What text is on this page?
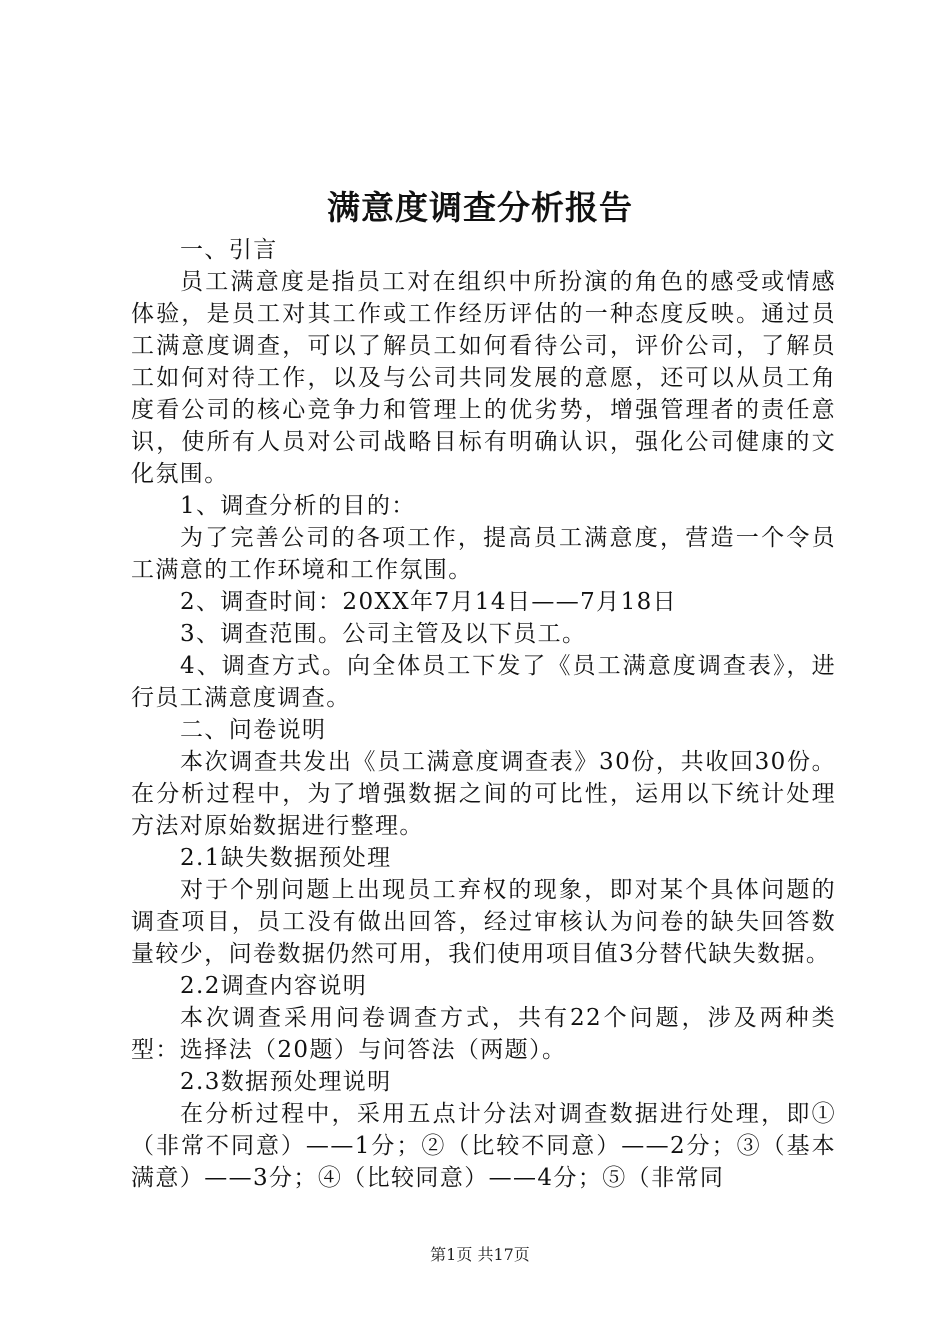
满意度调查分析报告

一、引言

员工满意度是指员工对在组织中所扮演的角色的感受或情感体验，是员工对其工作或工作经历评估的一种态度反映。通过员工满意度调查，可以了解员工如何看待公司，评价公司，了解员工如何对待工作，以及与公司共同发展的意愿，还可以从员工角度看公司的核心竞争力和管理上的优劣势，增强管理者的责任意识，使所有人员对公司战略目标有明确认识，强化公司健康的文化氛围。

1、调查分析的目的：

为了完善公司的各项工作，提高员工满意度，营造一个令员工满意的工作环境和工作氛围。

2、调查时间：20XX年7月14日——7月18日

3、调查范围。公司主管及以下员工。

4、调查方式。向全体员工下发了《员工满意度调查表》，进行员工满意度调查。

二、问卷说明

本次调查共发出《员工满意度调查表》30份，共收回30份。在分析过程中，为了增强数据之间的可比性，运用以下统计处理方法对原始数据进行整理。

2.1缺失数据预处理

对于个别问题上出现员工弃权的现象，即对某个具体问题的调查项目，员工没有做出回答，经过审核认为问卷的缺失回答数量较少，问卷数据仍然可用，我们使用项目值3分替代缺失数据。

2.2调查内容说明

本次调查采用问卷调查方式，共有22个问题，涉及两种类型：选择法（20题）与问答法（两题）。

2.3数据预处理说明

在分析过程中，采用五点计分法对调查数据进行处理，即①（非常不同意）——1分；②（比较不同意）——2分；③（基本满意）——3分；④（比较同意）——4分；⑤（非常同

第1页 共17页
